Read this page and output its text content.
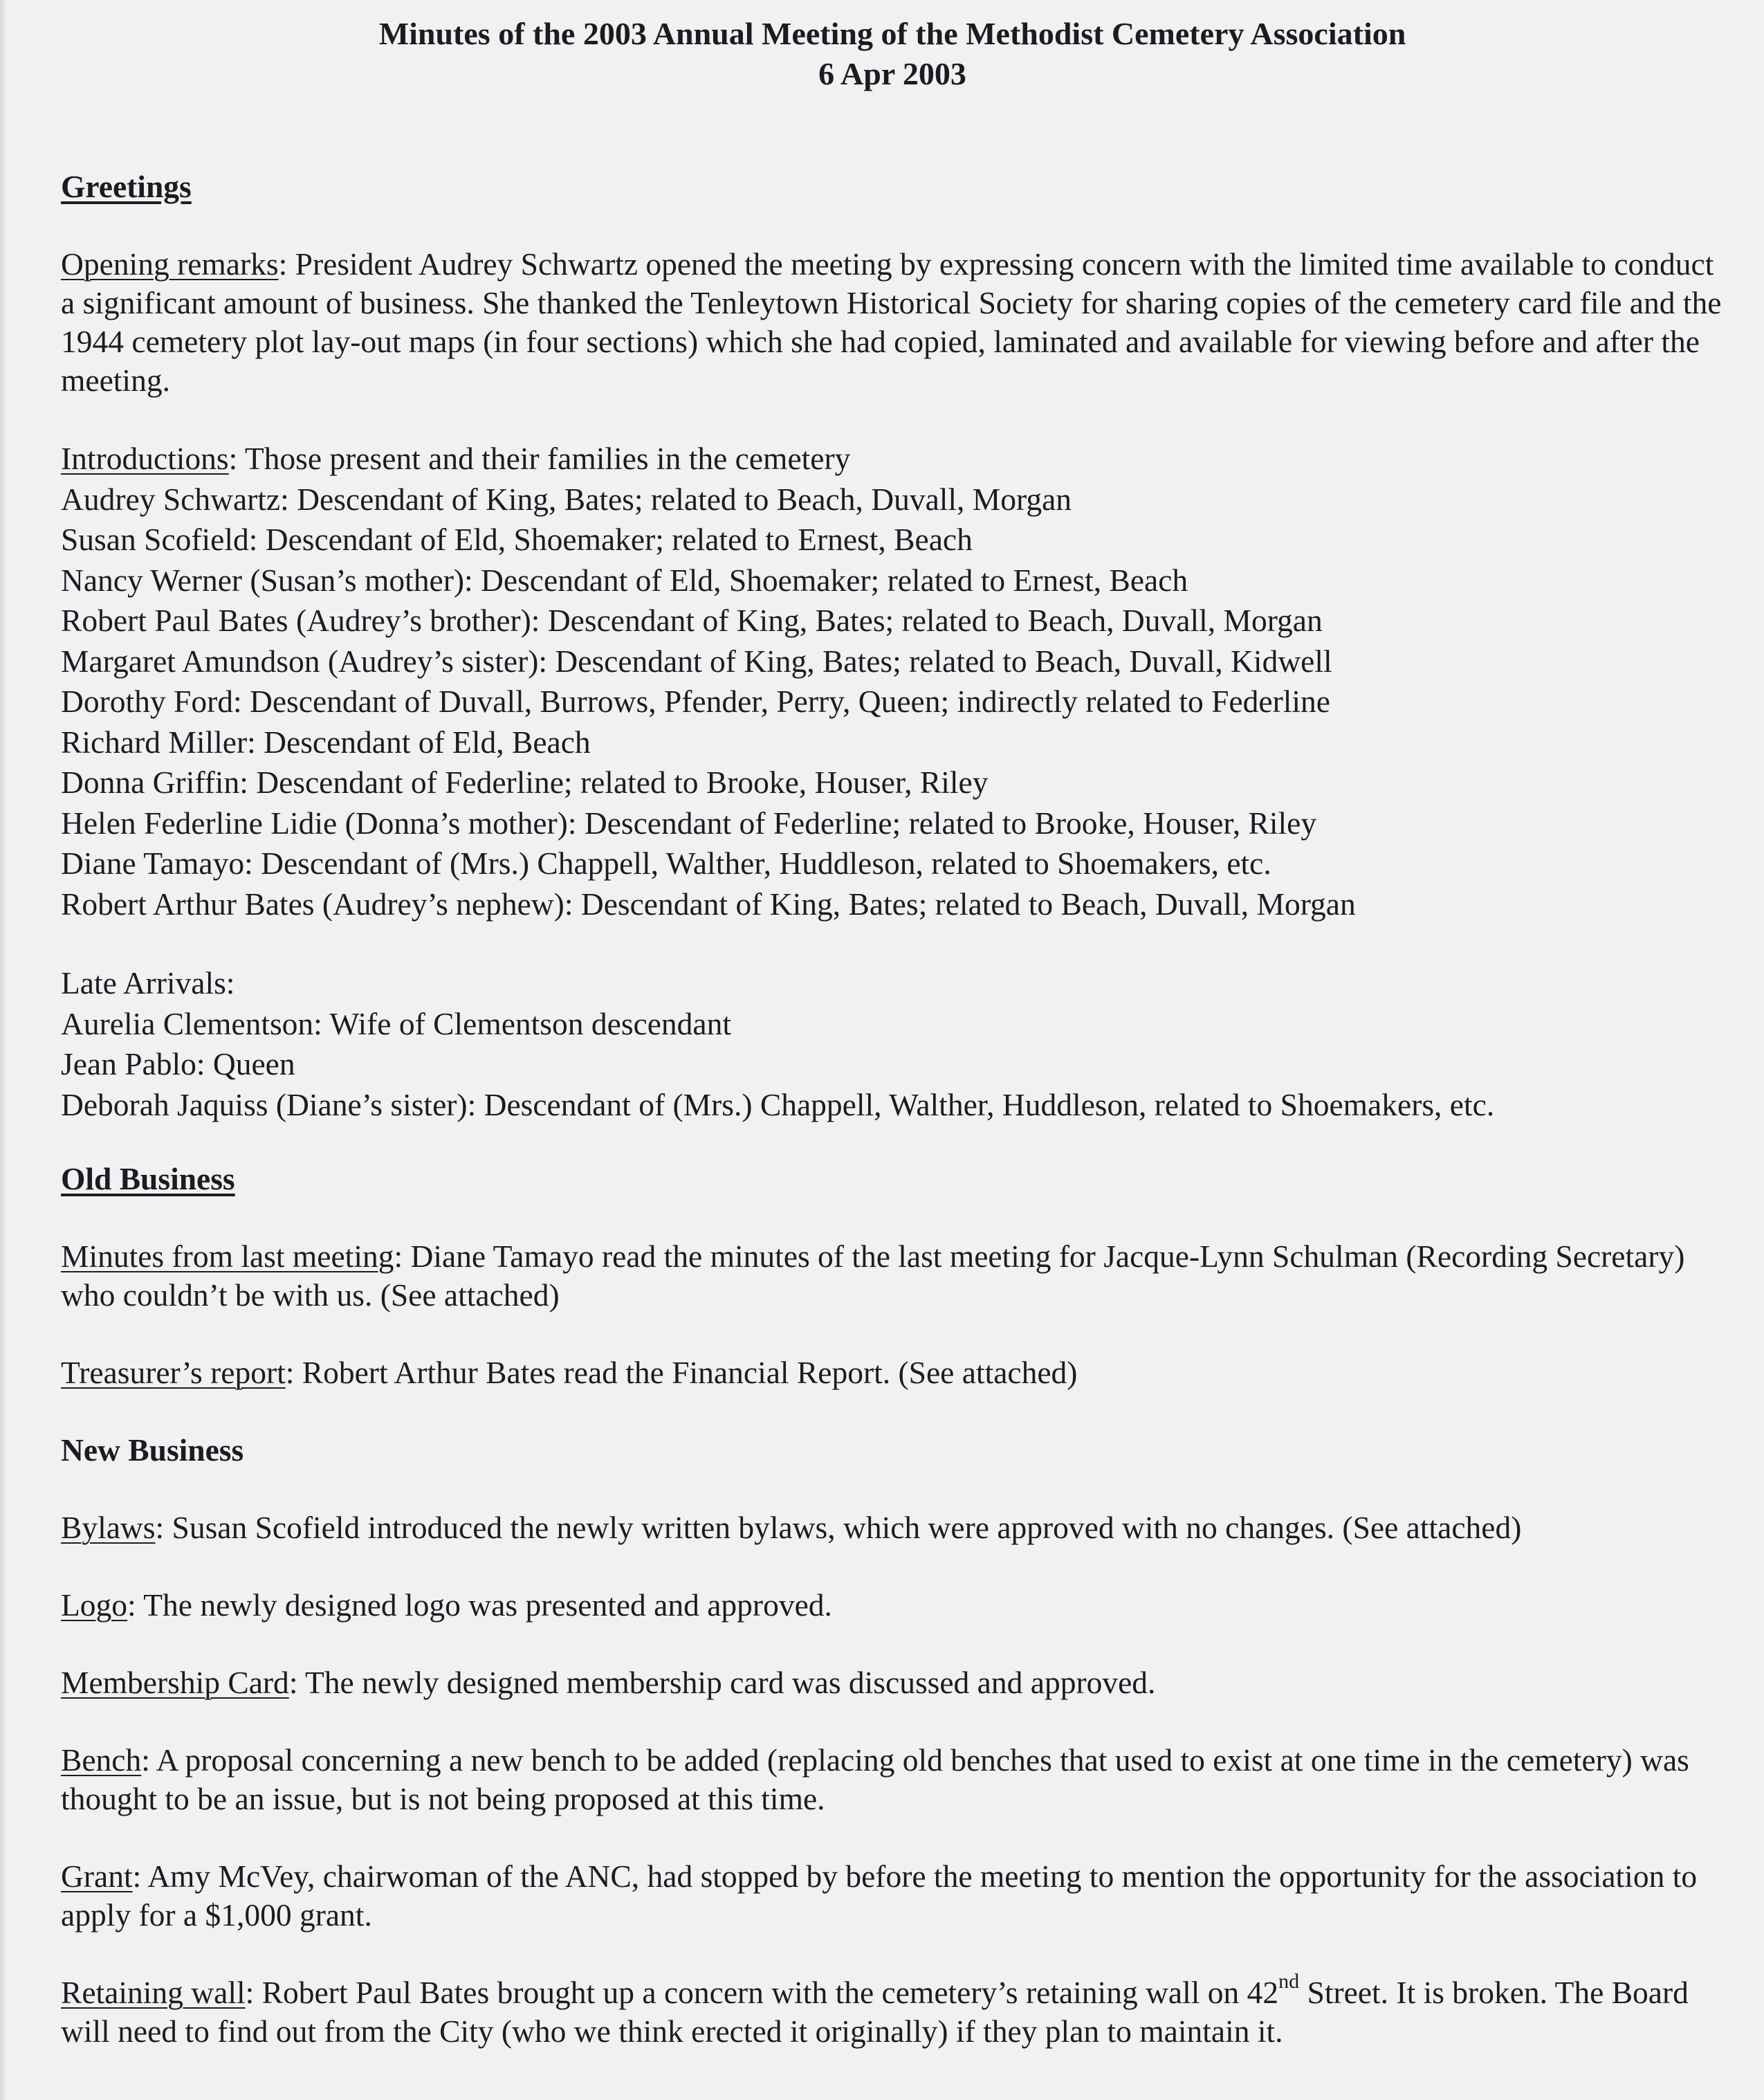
Minutes of the 2003 Annual Meeting of the Methodist Cemetery Association
6 Apr 2003

Greetings

Opening remarks: President Audrey Schwartz opened the meeting by expressing concern with the limited time available to conduct a significant amount of business. She thanked the Tenleytown Historical Society for sharing copies of the cemetery card file and the 1944 cemetery plot lay-out maps (in four sections) which she had copied, laminated and available for viewing before and after the meeting.

Introductions: Those present and their families in the cemetery

Audrey Schwartz: Descendant of King, Bates; related to Beach, Duvall, Morgan

Susan Scofield: Descendant of Eld, Shoemaker; related to Ernest, Beach

Nancy Werner (Susan’s mother): Descendant of Eld, Shoemaker; related to Ernest, Beach

Robert Paul Bates (Audrey’s brother): Descendant of King, Bates; related to Beach, Duvall, Morgan

Margaret Amundson (Audrey’s sister): Descendant of King, Bates; related to Beach, Duvall, Kidwell

Dorothy Ford: Descendant of Duvall, Burrows, Pfender, Perry, Queen; indirectly related to Federline

Richard Miller: Descendant of Eld, Beach

Donna Griffin: Descendant of Federline; related to Brooke, Houser, Riley

Helen Federline Lidie (Donna’s mother): Descendant of Federline; related to Brooke, Houser, Riley

Diane Tamayo: Descendant of (Mrs.) Chappell, Walther, Huddleson, related to Shoemakers, etc.

Robert Arthur Bates (Audrey’s nephew): Descendant of King, Bates; related to Beach, Duvall, Morgan

Late Arrivals:

Aurelia Clementson: Wife of Clementson descendant

Jean Pablo: Queen

Deborah Jaquiss (Diane’s sister): Descendant of (Mrs.) Chappell, Walther, Huddleson, related to Shoemakers, etc.

Old Business

Minutes from last meeting: Diane Tamayo read the minutes of the last meeting for Jacque-Lynn Schulman (Recording Secretary) who couldn’t be with us. (See attached)

Treasurer’s report: Robert Arthur Bates read the Financial Report. (See attached)

New Business

Bylaws: Susan Scofield introduced the newly written bylaws, which were approved with no changes. (See attached)

Logo: The newly designed logo was presented and approved.

Membership Card: The newly designed membership card was discussed and approved.

Bench: A proposal concerning a new bench to be added (replacing old benches that used to exist at one time in the cemetery) was thought to be an issue, but is not being proposed at this time.

Grant: Amy McVey, chairwoman of the ANC, had stopped by before the meeting to mention the opportunity for the association to apply for a $1,000 grant.

Retaining wall: Robert Paul Bates brought up a concern with the cemetery’s retaining wall on 42nd Street. It is broken. The Board will need to find out from the City (who we think erected it originally) if they plan to maintain it.
